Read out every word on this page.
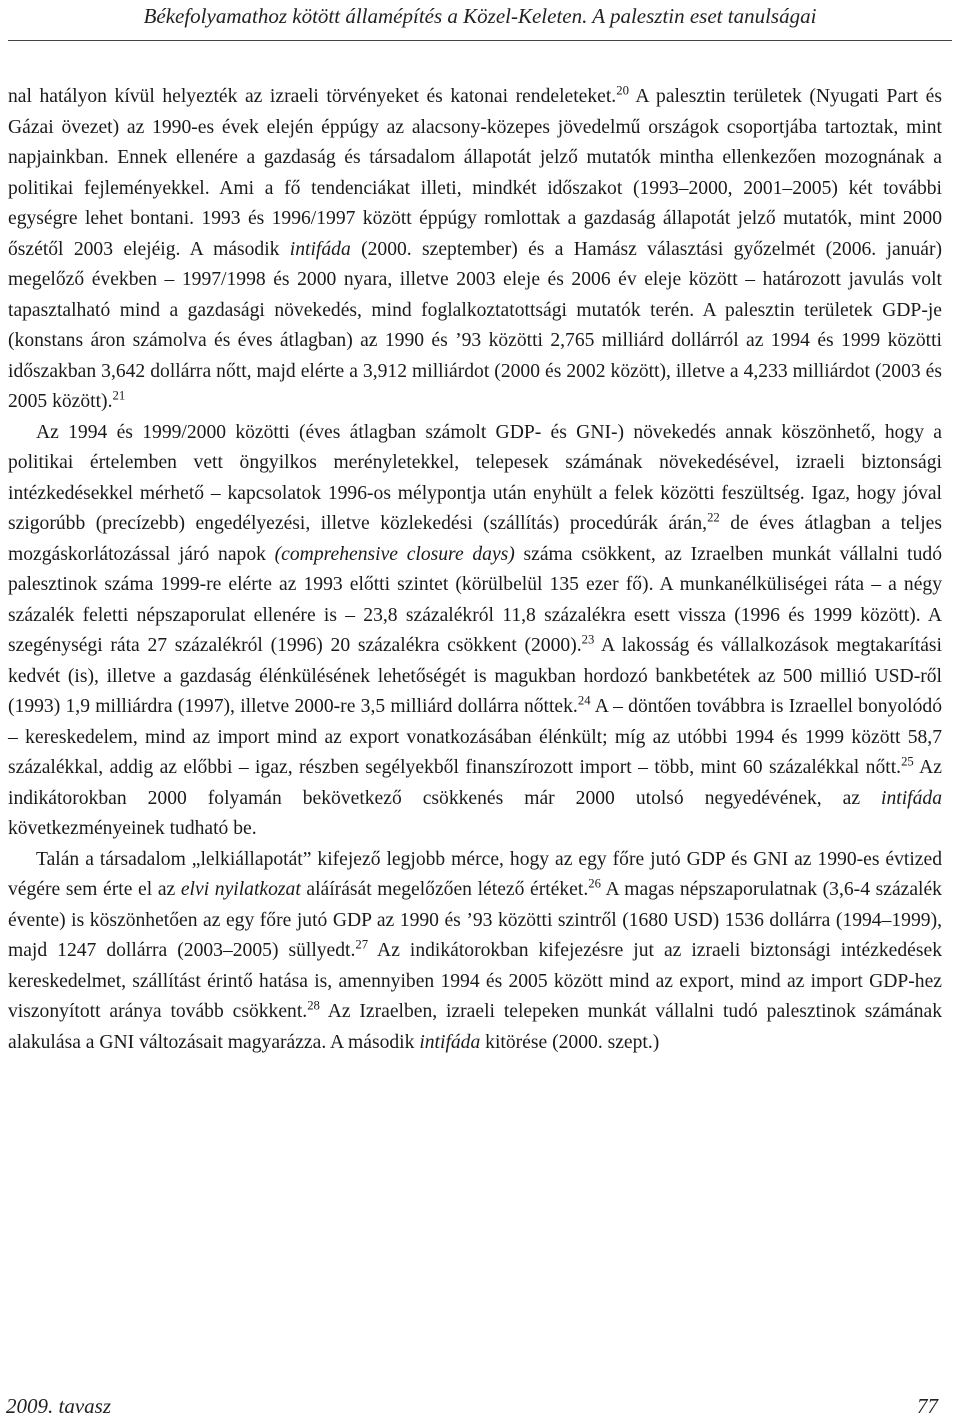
Békefolyamathoz kötött államépítés a Közel-Keleten. A palesztin eset tanulságai

nal hatályon kívül helyezték az izraeli törvényeket és katonai rendeleteket.$^{20}$ A palesztin területek (Nyugati Part és Gázai övezet) az 1990-es évek elején éppúgy az alacsony-közepes jövedelmű országok csoportjába tartoztak, mint napjainkban. Ennek ellenére a gazdaság és társadalom állapotát jelző mutatók mintha ellenkezően mozognának a politikai fejleményekkel. Ami a fő tendenciákat illeti, mindkét időszakot (1993–2000, 2001–2005) két további egységre lehet bontani. 1993 és 1996/1997 között éppúgy romlottak a gazdaság állapotát jelző mutatók, mint 2000 őszétől 2003 elejéig. A második intifáda (2000. szeptember) és a Hamász választási győzelmét (2006. január) megelőző években – 1997/1998 és 2000 nyara, illetve 2003 eleje és 2006 év eleje között – határozott javulás volt tapasztalható mind a gazdasági növekedés, mind foglalkoztatottsági mutatók terén. A palesztin területek GDP-je (konstans áron számolva és éves átlagban) az 1990 és ’93 közötti 2,765 milliárd dollárról az 1994 és 1999 közötti időszakban 3,642 dollárra nőtt, majd elérte a 3,912 milliárdot (2000 és 2002 között), illetve a 4,233 milliárdot (2003 és 2005 között).$^{21}$

Az 1994 és 1999/2000 közötti (éves átlagban számolt GDP- és GNI-) növekedés annak köszönhető, hogy a politikai értelemben vett öngyilkos merényletekkel, telepesek számának növekedésével, izraeli biztonsági intézkedésekkel mérhető – kapcsolatok 1996-os mélypontja után enyhült a felek közötti feszültség. Igaz, hogy jóval szigorúbb (precízebb) engedélyezési, illetve közlekedési (szállítás) procedúrák árán,$^{22}$ de éves átlagban a teljes mozgáskorlátozással járó napok (comprehensive closure days) száma csökkent, az Izraelben munkát vállalni tudó palesztinok száma 1999-re elérte az 1993 előtti szintet (körülbelül 135 ezer fő). A munkanélküliségei ráta – a négy százalék feletti népszaporulat ellenére is – 23,8 százalékról 11,8 százalékra esett vissza (1996 és 1999 között). A szegénységi ráta 27 százalékról (1996) 20 százalékra csökkent (2000).$^{23}$ A lakosság és vállalkozások megtakarítási kedvét (is), illetve a gazdaság élénkülésének lehetőségét is magukban hordozó bankbetétek az 500 millió USD-ről (1993) 1,9 milliárdra (1997), illetve 2000-re 3,5 milliárd dollárra nőttek.$^{24}$ A – döntően továbbra is Izraellel bonyolódó – kereskedelem, mind az import mind az export vonatkozásában élénkült; míg az utóbbi 1994 és 1999 között 58,7 százalékkal, addig az előbbi – igaz, részben segélyekből finanszírozott import – több, mint 60 százalékkal nőtt.$^{25}$ Az indikátorokban 2000 folyamán bekövetkező csökkenés már 2000 utolsó negyedévének, az intifáda következményeinek tudható be.

Talán a társadalom „lelkiállapotát” kifejező legjobb mérce, hogy az egy főre jutó GDP és GNI az 1990-es évtized végére sem érte el az elvi nyilatkozat aláírását megelőzően létező értéket.$^{26}$ A magas népszaporulatnak (3,6-4 százalék évente) is köszönhetően az egy főre jutó GDP az 1990 és ’93 közötti szintről (1680 USD) 1536 dollárra (1994–1999), majd 1247 dollárra (2003–2005) süllyedt.$^{27}$ Az indikátorokban kifejezésre jut az izraeli biztonsági intézkedések kereskedelmet, szállítást érintő hatása is, amennyiben 1994 és 2005 között mind az export, mind az import GDP-hez viszonyított aránya tovább csökkent.$^{28}$ Az Izraelben, izraeli telepeken munkát vállalni tudó palesztinok számának alakulása a GNI változásait magyarázza. A második intifáda kitörése (2000. szept.)

2009. tavasz	77
